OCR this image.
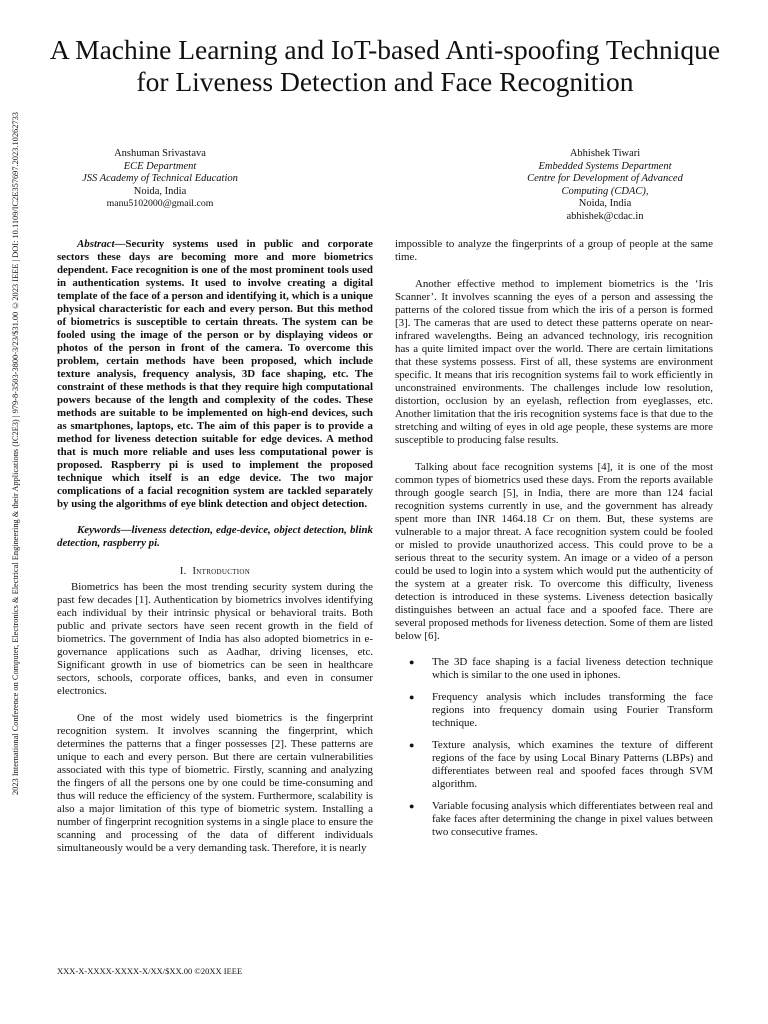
2023 International Conference on Computer, Electronics & Electrical Engineering & their Applications (IC2E3) | 979-8-3503-3800-3/23/$31.00 ©2023 IEEE | DOI: 10.1109/IC2E357697.2023.10262733
A Machine Learning and IoT-based Anti-spoofing Technique for Liveness Detection and Face Recognition
Anshuman Srivastava
ECE Department
JSS Academy of Technical Education
Noida, India
manu5102000@gmail.com
Abhishek Tiwari
Embedded Systems Department
Centre for Development of Advanced
Computing (CDAC),
Noida, India
abhishek@cdac.in

Abstract—Security systems used in public and corporate sectors these days are becoming more and more biometrics dependent. Face recognition is one of the most prominent tools used in authentication systems. It used to involve creating a digital template of the face of a person and identifying it, which is a unique physical characteristic for each and every person. But this method of biometrics is susceptible to certain threats. The system can be fooled using the image of the person or by displaying videos or photos of the person in front of the camera. To overcome this problem, certain methods have been proposed, which include texture analysis, frequency analysis, 3D face shaping, etc. The constraint of these methods is that they require high computational powers because of the length and complexity of the codes. These methods are suitable to be implemented on high-end devices, such as smartphones, laptops, etc. The aim of this paper is to provide a method for liveness detection suitable for edge devices. A method that is much more reliable and uses less computational power is proposed. Raspberry pi is used to implement the proposed technique which itself is an edge device. The two major complications of a facial recognition system are tackled separately by using the algorithms of eye blink detection and object detection.

Keywords—liveness detection, edge-device, object detection, blink detection, raspberry pi.

I. Introduction

Biometrics has been the most trending security system during the past few decades [1]. Authentication by biometrics involves identifying each individual by their intrinsic physical or behavioral traits. Both public and private sectors have seen recent growth in the field of biometrics. The government of India has also adopted biometrics in e-governance applications such as Aadhar, driving licenses, etc. Significant growth in use of biometrics can be seen in healthcare sectors, schools, corporate offices, banks, and even in consumer electronics.

One of the most widely used biometrics is the fingerprint recognition system. It involves scanning the fingerprint, which determines the patterns that a finger possesses [2]. These patterns are unique to each and every person. But there are certain vulnerabilities associated with this type of biometric. Firstly, scanning and analyzing the fingers of all the persons one by one could be time-consuming and thus will reduce the efficiency of the system. Furthermore, scalability is also a major limitation of this type of biometric system. Installing a number of fingerprint recognition systems in a single place to ensure the scanning and processing of the data of different individuals simultaneously would be a very demanding task. Therefore, it is nearly

impossible to analyze the fingerprints of a group of people at the same time.

Another effective method to implement biometrics is the ‘Iris Scanner’. It involves scanning the eyes of a person and assessing the patterns of the colored tissue from which the iris of a person is formed [3]. The cameras that are used to detect these patterns operate on near-infrared wavelengths. Being an advanced technology, iris recognition has a quite limited impact over the world. There are certain limitations that these systems possess. First of all, these systems are environment specific. It means that iris recognition systems fail to work efficiently in unconstrained environments. The challenges include low resolution, distortion, occlusion by an eyelash, reflection from eyeglasses, etc. Another limitation that the iris recognition systems face is that due to the stretching and wilting of eyes in old age people, these systems are more susceptible to producing false results.

Talking about face recognition systems [4], it is one of the most common types of biometrics used these days. From the reports available through google search [5], in India, there are more than 124 facial recognition systems currently in use, and the government has already spent more than INR 1464.18 Cr on them. But, these systems are vulnerable to a major threat. A face recognition system could be fooled or misled to provide unauthorized access. This could prove to be a serious threat to the security system. An image or a video of a person could be used to login into a system which would put the authenticity of the system at a greater risk. To overcome this difficulty, liveness detection is introduced in these systems. Liveness detection basically distinguishes between an actual face and a spoofed face. There are several proposed methods for liveness detection. Some of them are listed below [6].

● The 3D face shaping is a facial liveness detection technique which is similar to the one used in iphones.
● Frequency analysis which includes transforming the face regions into frequency domain using Fourier Transform technique.
● Texture analysis, which examines the texture of different regions of the face by using Local Binary Patterns (LBPs) and differentiates between real and spoofed faces through SVM algorithm.
● Variable focusing analysis which differentiates between real and fake faces after determining the change in pixel values between two consecutive frames.
XXX-X-XXXX-XXXX-X/XX/$XX.00 ©20XX IEEE
